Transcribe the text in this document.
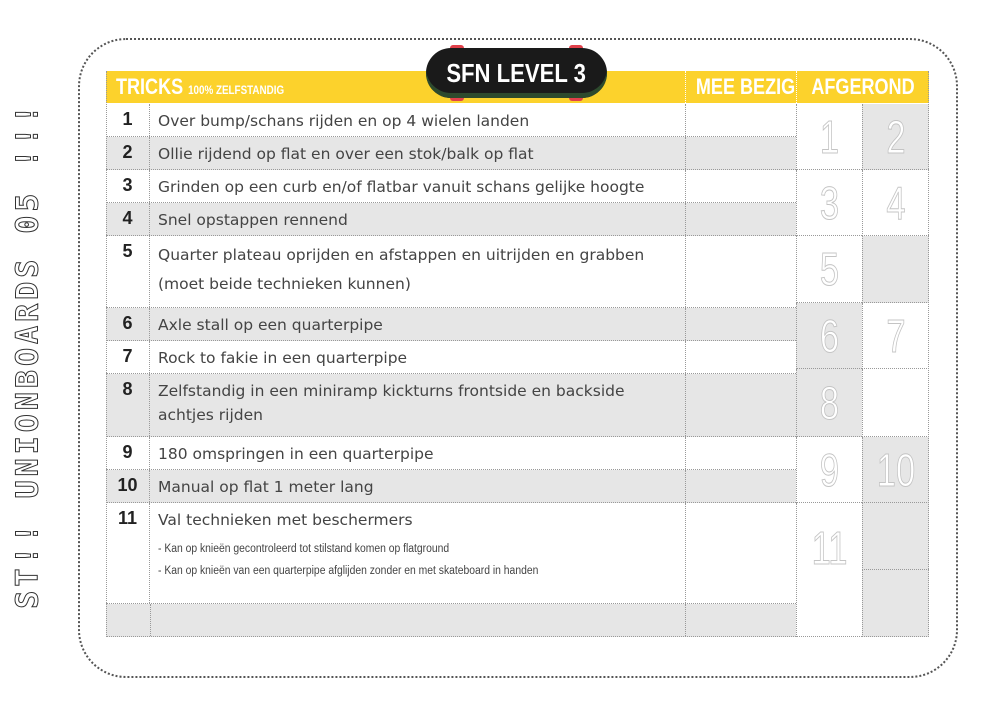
ST!! UNIONBOARDS 05 !!!
TRICKS 100% ZELFSTANDIG	MEE BEZIG AFGEROND
SFN LEVEL 3
1	Over bump/schans rijden en op 4 wielen landen
2	Ollie rijdend op flat en over een stok/balk op flat
3	Grinden op een curb en/of flatbar vanuit schans gelijke hoogte
4	Snel opstappen rennend
5	Quarter plateau oprijden en afstappen en uitrijden en grabben (moet beide technieken kunnen)
6	Axle stall op een quarterpipe
7	Rock to fakie in een quarterpipe
8	Zelfstandig in een miniramp kickturns frontside en backside achtjes rijden
9	180 omspringen in een quarterpipe
10	Manual op flat 1 meter lang
11	Val technieken met beschermers
- Kan op knieën gecontroleerd tot stilstand komen op flatground
- Kan op knieën van een quarterpipe afglijden zonder en met skateboard in handen
1	2
3	4
5
6	7
8
9 10
11
